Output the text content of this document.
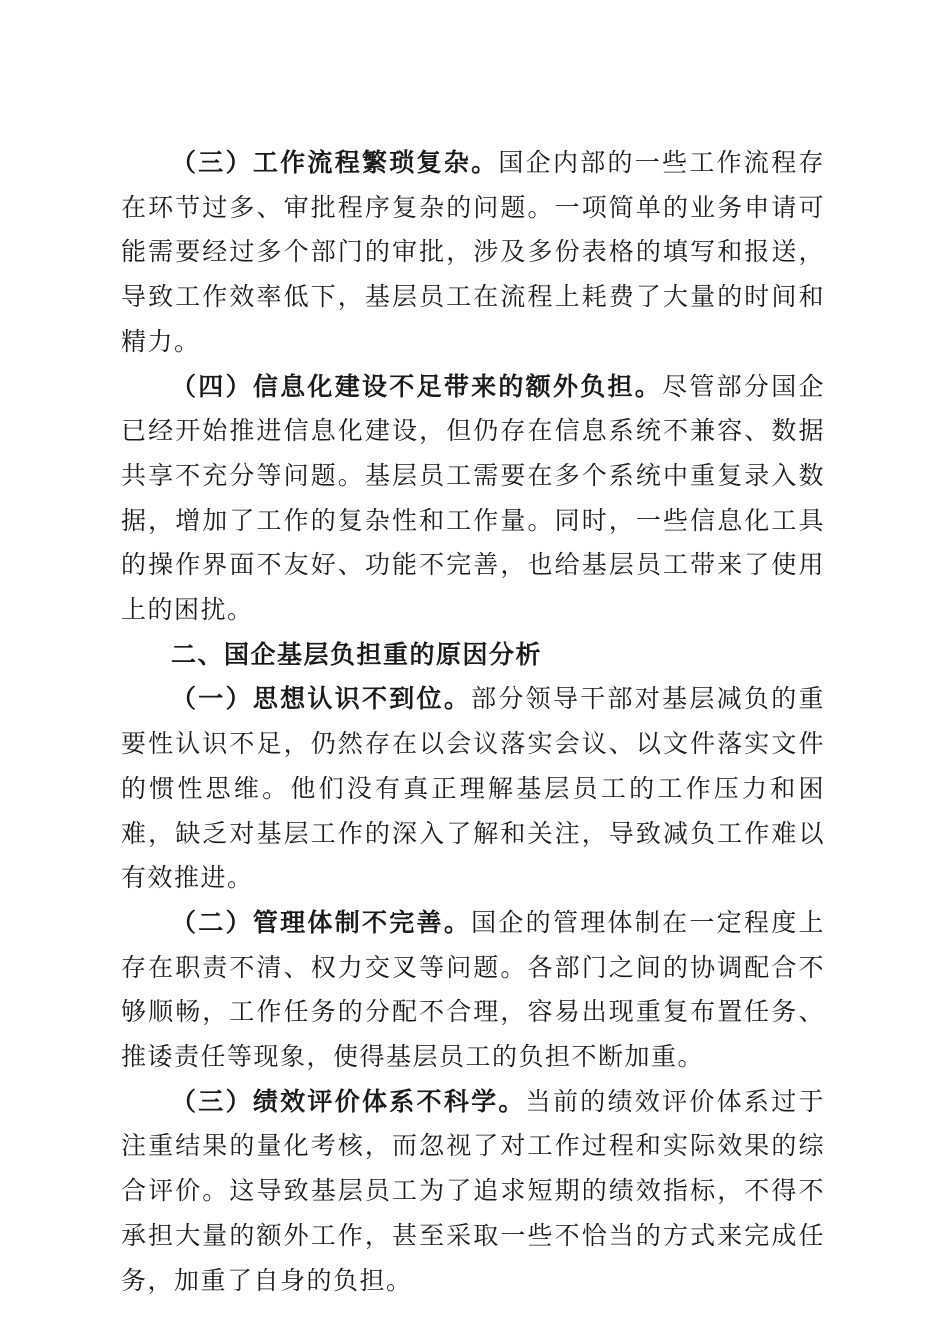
（三）工作流程繁琐复杂。国企内部的一些工作流程存在环节过多、审批程序复杂的问题。一项简单的业务申请可能需要经过多个部门的审批，涉及多份表格的填写和报送，导致工作效率低下，基层员工在流程上耗费了大量的时间和精力。

（四）信息化建设不足带来的额外负担。尽管部分国企已经开始推进信息化建设，但仍存在信息系统不兼容、数据共享不充分等问题。基层员工需要在多个系统中重复录入数据，增加了工作的复杂性和工作量。同时，一些信息化工具的操作界面不友好、功能不完善，也给基层员工带来了使用上的困扰。

二、国企基层负担重的原因分析

（一）思想认识不到位。部分领导干部对基层减负的重要性认识不足，仍然存在以会议落实会议、以文件落实文件的惯性思维。他们没有真正理解基层员工的工作压力和困难，缺乏对基层工作的深入了解和关注，导致减负工作难以有效推进。

（二）管理体制不完善。国企的管理体制在一定程度上存在职责不清、权力交叉等问题。各部门之间的协调配合不够顺畅，工作任务的分配不合理，容易出现重复布置任务、推诿责任等现象，使得基层员工的负担不断加重。

（三）绩效评价体系不科学。当前的绩效评价体系过于注重结果的量化考核，而忽视了对工作过程和实际效果的综合评价。这导致基层员工为了追求短期的绩效指标，不得不承担大量的额外工作，甚至采取一些不恰当的方式来完成任务，加重了自身的负担。
